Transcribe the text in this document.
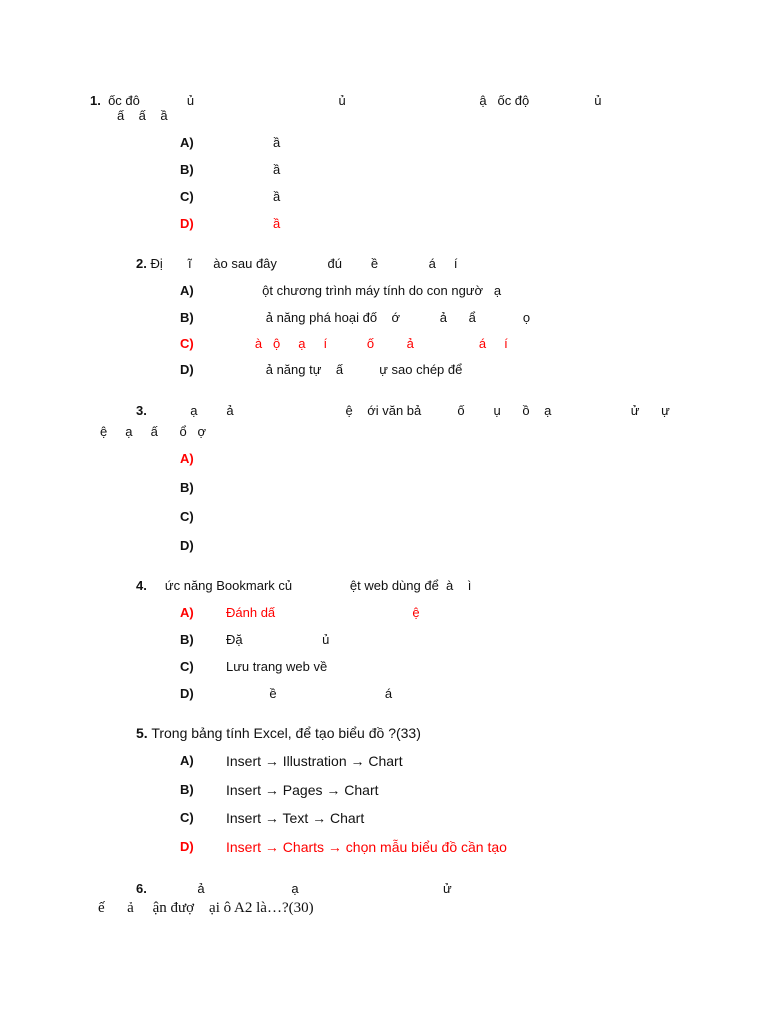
1. ốc đô             ủ                                        ủ                                     ậ   ốc độ                  ủ
ấ    ấ    ầ
A) ầ
B) ầ
C) ầ
D) ầ
2. Đị       ĩ      ào sau đây              đú        ề              á     í
A) ột chương trình máy tính do con ngườ   ạ
B) ả năng phá hoại đố    ớ           ả      ẩ             ọ
C) à   ộ     ạ     í           ố         ả                  á     í
D) ả năng tự    ấ          ự sao chép để
3.            ạ        ả                               ệ    ới văn bả          ố        ụ      ồ    ạ                      ử      ự
ệ     ạ     ấ      ổ   ợ
A)
B)
C)
D)
4. ức năng Bookmark củ                ệt web dùng để  à    ì
A) Đánh dấ                                      ệ
B) Đặ                      ủ
C) Lưu trang web về
D) ề                              á
5. Trong bảng tính Excel, để tạo biểu đồ ?(33)
A) Insert → Illustration → Chart
B) Insert → Pages → Chart
C) Insert → Text → Chart
D) Insert → Charts → chọn mẫu biểu đồ cần tạo
6.              ả                        ạ                                        ử
ế      ả     ận đượ    ại ô A2 là…?(30)
